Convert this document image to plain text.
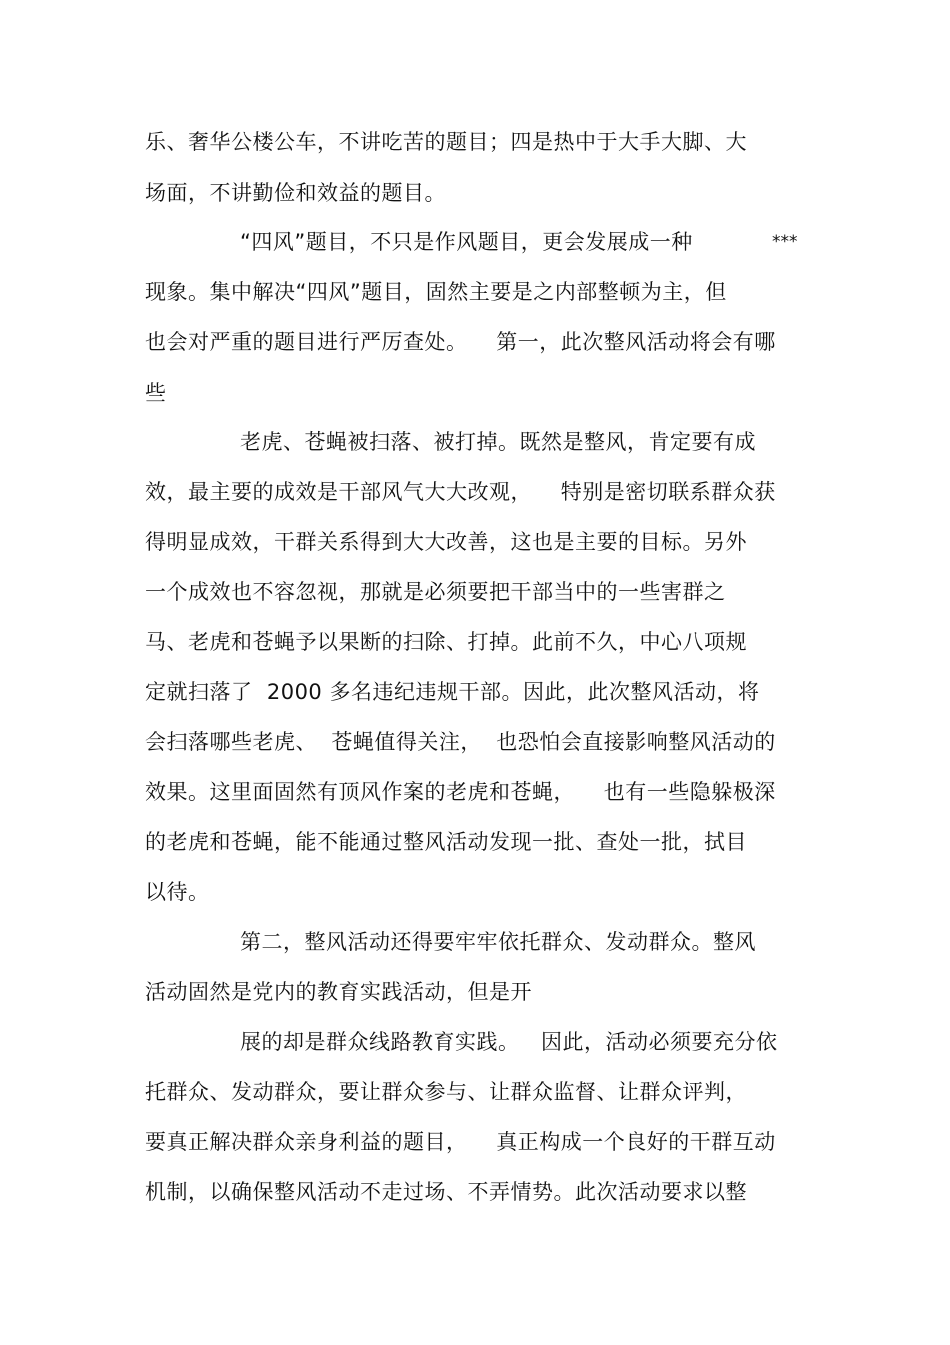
乐、奢华公楼公车，不讲吃苦的题目；四是热中于大手大脚、大
场面，不讲勤俭和效益的题目。
“四风”题目，不只是作风题目，更会发展成一种	***
现象。集中解决“四风”题目，固然主要是之内部整顿为主，但
也会对严重的题目进行严厉查处。    第一，此次整风活动将会有哪
些
老虎、苍蝇被扫落、被打掉。既然是整风，肯定要有成
效，最主要的成效是干部风气大大改观，    特别是密切联系群众获
得明显成效，干群关系得到大大改善，这也是主要的目标。另外
一个成效也不容忽视，那就是必须要把干部当中的一些害群之
马、老虎和苍蝇予以果断的扫除、打掉。此前不久，中心八项规
定就扫落了  2000 多名违纪违规干部。因此，此次整风活动，将
会扫落哪些老虎、  苍蝇值得关注，  也恐怕会直接影响整风活动的
效果。这里面固然有顶风作案的老虎和苍蝇，    也有一些隐躲极深
的老虎和苍蝇，能不能通过整风活动发现一批、查处一批，拭目
以待。
第二，整风活动还得要牢牢依托群众、发动群众。整风
活动固然是党内的教育实践活动，但是开
展的却是群众线路教育实践。   因此，活动必须要充分依
托群众、发动群众，要让群众参与、让群众监督、让群众评判，
要真正解决群众亲身利益的题目，    真正构成一个良好的干群互动
机制，以确保整风活动不走过场、不弄情势。此次活动要求以整
